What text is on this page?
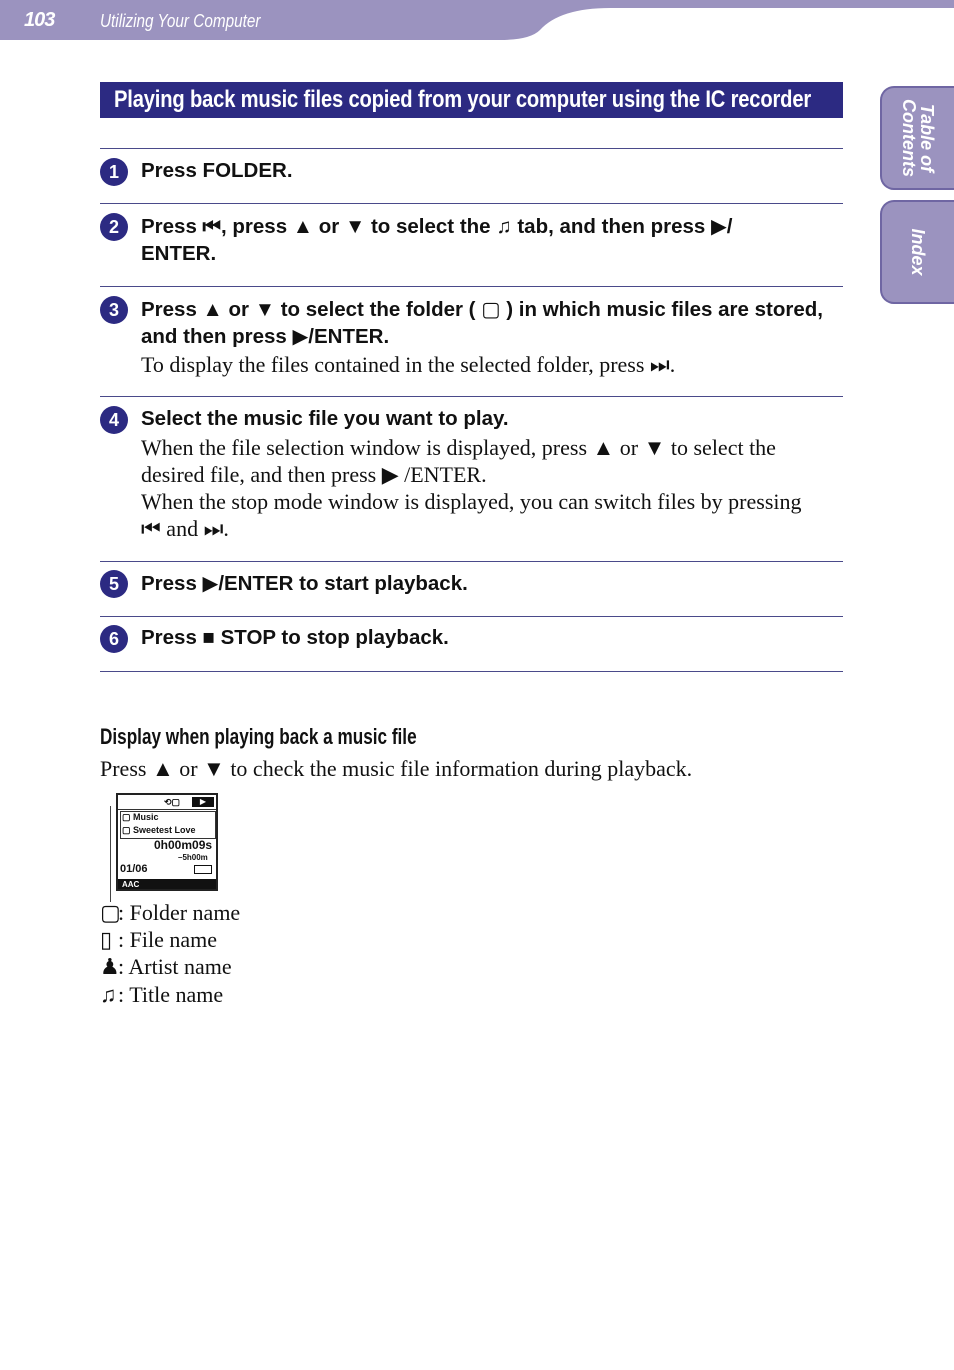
103	Utilizing Your Computer
Table of Contents
Index
Playing back music files copied from your computer using the IC recorder
1	Press FOLDER.
2	Press ⏮, press ▲ or ▼ to select the ♫ tab, and then press ▶/
ENTER.
3	Press ▲ or ▼ to select the folder ( ▢ ) in which music files are stored,
and then press ▶/ENTER.
To display the files contained in the selected folder, press ⏭.
4	Select the music file you want to play.
When the file selection window is displayed, press ▲ or ▼ to select the
desired file, and then press ▶ /ENTER.
When the stop mode window is displayed, you can switch files by pressing
⏮ and ⏭.
5	Press ▶/ENTER to start playback.
6	Press ■ STOP to stop playback.
Display when playing back a music file
Press ▲ or ▼ to check the music file information during playback.
⟲▢	▶
▢ Music
▢ Sweetest Love
0h00m09s
–5h00m
01/06
AAC
▢: Folder name
▯ : File name
♟: Artist name
♫: Title name
